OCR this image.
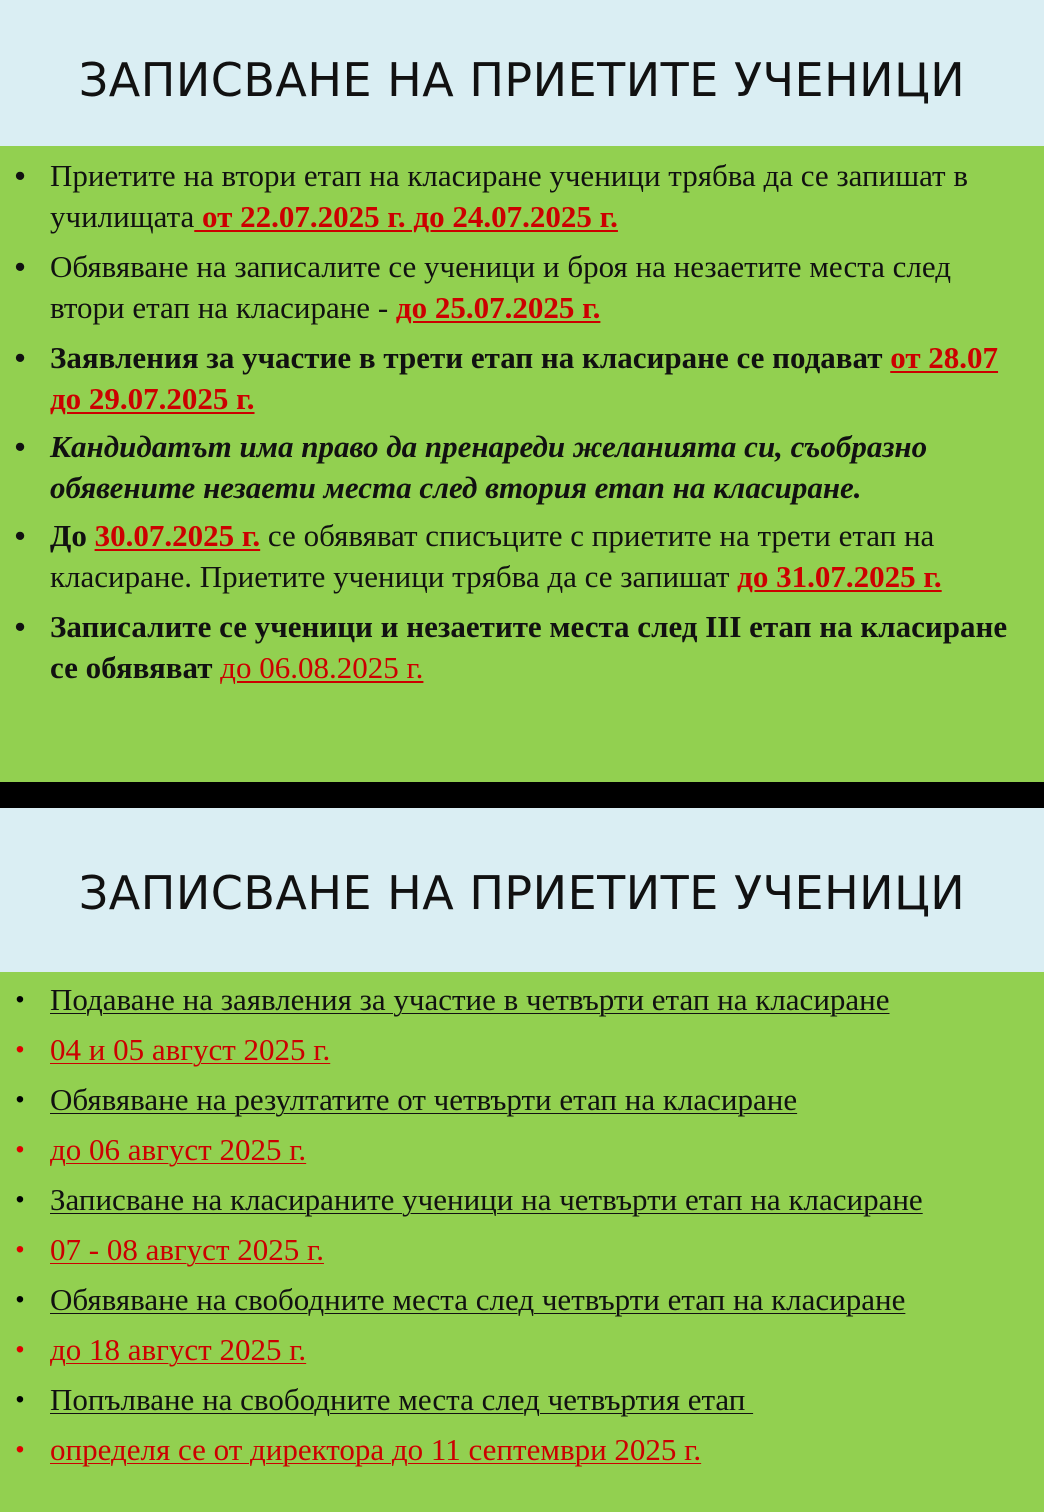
ЗАПИСВАНЕ НА ПРИЕТИТЕ УЧЕНИЦИ
• Приетите на втори етап на класиране ученици трябва да се запишат в училищата от 22.07.2025 г. до 24.07.2025 г.
• Обявяване на записалите се ученици и броя на незаетите места след втори етап на класиране - до 25.07.2025 г.
• Заявления за участие в трети етап на класиране се подават от 28.07 до 29.07.2025 г.
• Кандидатът има право да пренареди желанията си, съобразно обявените незаети места след втория етап на класиране.
• До 30.07.2025 г. се обявяват списъците с приетите на трети етап на класиране. Приетите ученици трябва да се запишат до 31.07.2025 г.
• Записалите се ученици и незаетите места след III етап на класиране се обявяват до 06.08.2025 г.
ЗАПИСВАНЕ НА ПРИЕТИТЕ УЧЕНИЦИ
• Подаване на заявления за участие в четвърти етап на класиране
• 04 и 05 август 2025 г.
• Обявяване на резултатите от четвърти етап на класиране
• до 06 август 2025 г.
• Записване на класираните ученици на четвърти етап на класиране
• 07 - 08 август 2025 г.
• Обявяване на свободните места след четвърти етап на класиране
• до 18 август 2025 г.
• Попълване на свободните места след четвъртия етап
• определя се от директора до 11 септември 2025 г.
